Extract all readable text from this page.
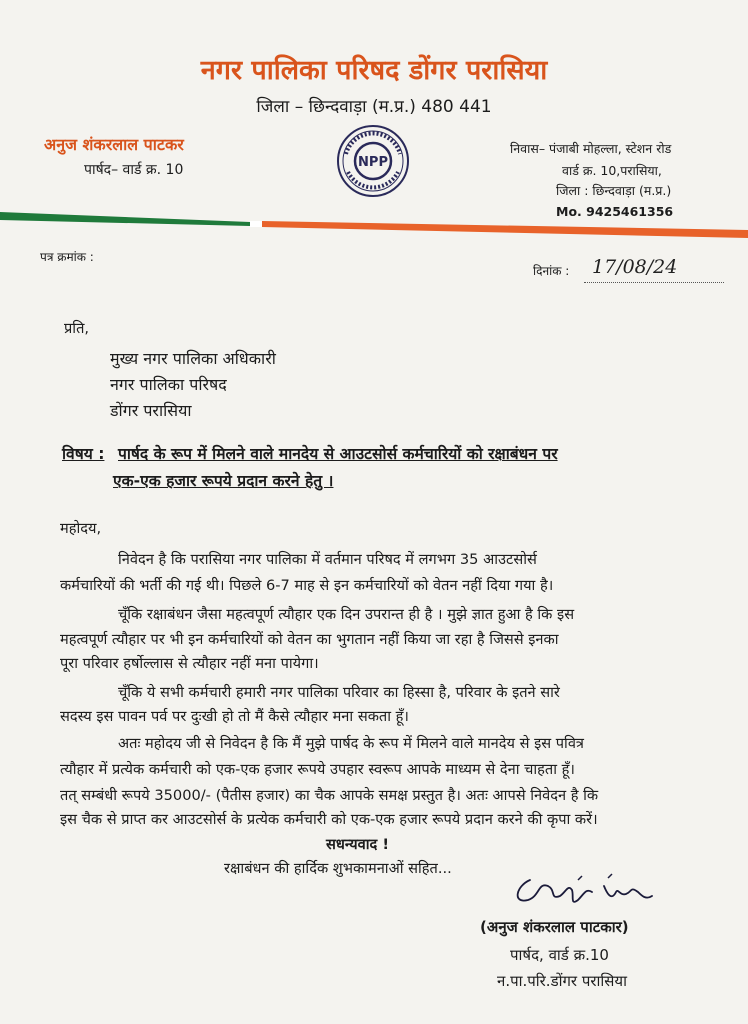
नगर पालिका परिषद डोंगर परासिया
जिला – छिन्दवाड़ा (म.प्र.) 480 441
अनुज शंकरलाल पाटकर
पार्षद– वार्ड क्र. 10	NPP
निवास– पंजाबी मोहल्ला, स्टेशन रोड
वार्ड क्र. 10,परासिया,
जिला : छिन्दवाड़ा (म.प्र.)
Mo. 9425461356
पत्र क्रमांक :
दिनांक : 17/08/24
प्रति,
मुख्य नगर पालिका अधिकारी
नगर पालिका परिषद
डोंगर परासिया
विषय : पार्षद के रूप में मिलने वाले मानदेय से आउटसोर्स कर्मचारियों को रक्षाबंधन पर
एक-एक हजार रूपये प्रदान करने हेतु ।
महोदय,
निवेदन है कि परासिया नगर पालिका में वर्तमान परिषद में लगभग 35 आउटसोर्स
कर्मचारियों की भर्ती की गई थी। पिछले 6-7 माह से इन कर्मचारियों को वेतन नहीं दिया गया है।
चूँकि रक्षाबंधन जैसा महत्वपूर्ण त्यौहार एक दिन उपरान्त ही है । मुझे ज्ञात हुआ है कि इस
महत्वपूर्ण त्यौहार पर भी इन कर्मचारियों को वेतन का भुगतान नहीं किया जा रहा है जिससे इनका
पूरा परिवार हर्षोल्लास से त्यौहार नहीं मना पायेगा।
चूँकि ये सभी कर्मचारी हमारी नगर पालिका परिवार का हिस्सा है, परिवार के इतने सारे
सदस्य इस पावन पर्व पर दुःखी हो तो मैं कैसे त्यौहार मना सकता हूँ।
अतः महोदय जी से निवेदन है कि मैं मुझे पार्षद के रूप में मिलने वाले मानदेय से इस पवित्र
त्यौहार में प्रत्येक कर्मचारी को एक-एक हजार रूपये उपहार स्वरूप आपके माध्यम से देना चाहता हूँ।
तत् सम्बंधी रूपये 35000/- (पैतीस हजार) का चैक आपके समक्ष प्रस्तुत है। अतः आपसे निवेदन है कि
इस चैक से प्राप्त कर आउटसोर्स के प्रत्येक कर्मचारी को एक-एक हजार रूपये प्रदान करने की कृपा करें।
सधन्यवाद !
रक्षाबंधन की हार्दिक शुभकामनाओं सहित...
(अनुज शंकरलाल पाटकार)
पार्षद, वार्ड क्र.10
न.पा.परि.डोंगर परासिया
